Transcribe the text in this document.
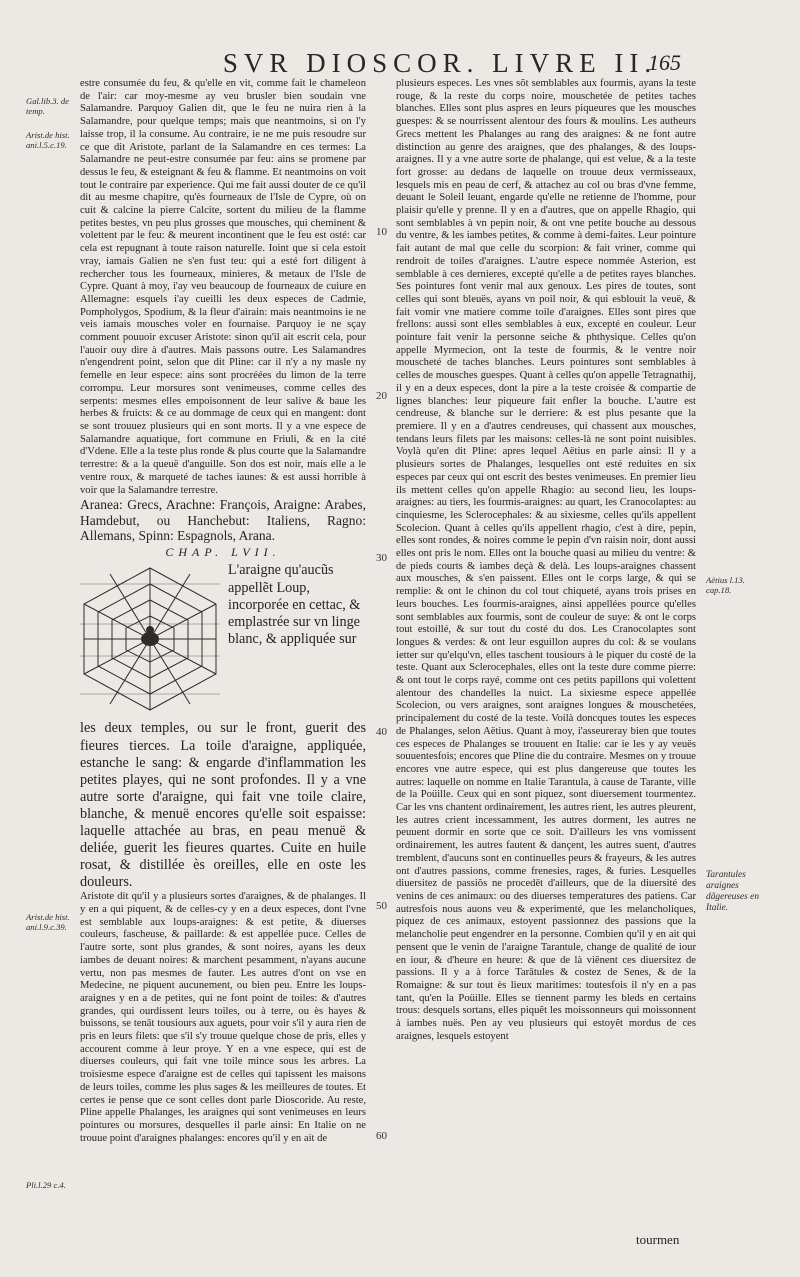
SVR DIOSCOR. LIVRE II.
165
Gal.lib.3. de temp.
Arist.de hist. ani.l.5.c.19.
Arist.de hist. ani.l.9.c.39.
Pli.l.29 c.4.
Aëtius l.13. cap.18.
Tarantules araignes dãgereuses en Italie.
10
20
30
40
50
60

estre consumée du feu, & qu'elle en vit, comme fait le chameleon de l'air: car moy-mesme ay veu brusler bien soudain vne Salamandre. Parquoy Galien dit, que le feu ne nuira rien à la Salamandre, pour quelque temps; mais que neantmoins, si on l'y laisse trop, il la consume. Au contraire, ie ne me puis resoudre sur ce que dit Aristote, parlant de la Salamandre en ces termes: La Salamandre ne peut-estre consumée par feu: ains se promene par dessus le feu, & esteignant & feu & flamme. Et neantmoins on voit tout le contraire par experience. Qui me fait aussi douter de ce qu'il dit au mesme chapitre, qu'ès fourneaux de l'Isle de Cypre, où on cuit & calcine la pierre Calcite, sortent du milieu de la flamme petites bestes, vn peu plus grosses que mousches, qui cheminent & volettent par le feu: & meurent incontinent que le feu est osté: car cela est repugnant à toute raison naturelle. Ioint que si cela estoit vray, iamais Galien ne s'en fust teu: qui a esté fort diligent à rechercher tous les fourneaux, minieres, & metaux de l'Isle de Cypre. Quant à moy, i'ay veu beaucoup de fourneaux de cuiure en Allemagne: esquels i'ay cueilli les deux especes de Cadmie, Pompholygos, Spodium, & la fleur d'airain: mais neantmoins ie ne veis iamais mousches voler en fournaise. Parquoy ie ne sçay comment pouuoir excuser Aristote: sinon qu'il ait escrit cela, pour l'auoir ouy dire à d'autres. Mais passons outre. Les Salamandres n'engendrent point, selon que dit Pline: car il n'y a ny masle ny femelle en leur espece: ains sont procréées du limon de la terre corrompu. Leur morsures sont venimeuses, comme celles des serpents: mesmes elles empoisonnent de leur salive & baue les herbes & fruicts: & ce au dommage de ceux qui en mangent: dont se sont trouuez plusieurs qui en sont morts. Il y a vne espece de Salamandre aquatique, fort commune en Friuli, & en la cité d'Vdene. Elle a la teste plus ronde & plus courte que la Salamandre terrestre: & a la queuë d'anguille. Son dos est noir, mais elle a le ventre roux, & marqueté de taches iaunes: & est aussi horrible à voir que la Salamandre terrestre.

Aranea: Grecs, Arachne: François, Araigne: Arabes, Hamdebut, ou Hanchebut: Italiens, Ragno: Allemans, Spinn: Espagnols, Arana.

CHAP. LVII.
L'araigne qu'aucũs appellẽt Loup, incorporée en cettac, & emplastrée sur vn linge blanc, & appliquée sur

les deux temples, ou sur le front, guerit des fieures tierces. La toile d'araigne, appliquée, estanche le sang: & engarde d'inflammation les petites playes, qui ne sont profondes. Il y a vne autre sorte d'araigne, qui fait vne toile claire, blanche, & menuë encores qu'elle soit espaisse: laquelle attachée au bras, en peau menuë & deliée, guerit les fieures quartes. Cuite en huile rosat, & distillée ès oreilles, elle en oste les douleurs.

Aristote dit qu'il y a plusieurs sortes d'araignes, & de phalanges. Il y en a qui piquent, & de celles-cy y en a deux especes, dont l'vne est semblable aux loups-araignes: & est petite, & diuerses couleurs, fascheuse, & paillarde: & est appellée puce. Celles de l'autre sorte, sont plus grandes, & sont noires, ayans les deux iambes de deuant noires: & marchent pesamment, n'ayans aucune vertu, non pas mesmes de fauter. Les autres d'ont on vse en Medecine, ne piquent aucunement, ou bien peu. Entre les loups-araignes y en a de petites, qui ne font point de toiles: & d'autres grandes, qui ourdissent leurs toiles, ou à terre, ou ès hayes & buissons, se tenāt tousiours aux aguets, pour voir s'il y aura rien de pris en leurs filets: que s'il s'y trouue quelque chose de pris, elles y accourent comme à leur proye. Y en a vne espece, qui est de diuerses couleurs, qui fait vne toile mince sous les arbres. La troisiesme espece d'araigne est de celles qui tapissent les maisons de leurs toiles, comme les plus sages & les meilleures de toutes. Et certes ie pense que ce sont celles dont parle Dioscoride. Au reste, Pline appelle Phalanges, les araignes qui sont venimeuses en leurs pointures ou morsures, desquelles il parle ainsi: En Italie on ne trouue point d'araignes phalanges: encores qu'il y en ait de

plusieurs especes. Les vnes sõt semblables aux fourmis, ayans la teste rouge, & la reste du corps noire, mouschetée de petites taches blanches. Elles sont plus aspres en leurs piqueures que les mousches guespes: & se nourrissent alentour des fours & moulins. Les autheurs Grecs mettent les Phalanges au rang des araignes: & ne font autre distinction au genre des araignes, que des phalanges, & des loups-araignes. Il y a vne autre sorte de phalange, qui est velue, & a la teste fort grosse: au dedans de laquelle on trouue deux vermisseaux, lesquels mis en peau de cerf, & attachez au col ou bras d'vne femme, deuant le Soleil leuant, engarde qu'elle ne retienne de l'homme, pour plaisir qu'elle y prenne. Il y en a d'autres, que on appelle Rhagio, qui sont semblables à vn pepin noir, & ont vne petite bouche au dessous du ventre, & les iambes petites, & comme à demi-faites. Leur pointure fait autant de mal que celle du scorpion: & fait vriner, comme qui rendroit de toiles d'araignes. L'autre espece nommée Asterion, est semblable à ces dernieres, excepté qu'elle a de petites rayes blanches. Ses pointures font venir mal aux genoux. Les pires de toutes, sont celles qui sont bleuës, ayans vn poil noir, & qui esblouit la veuë, & fait vomir vne matiere comme toile d'araignes. Elles sont pires que frellons: aussi sont elles semblables à eux, excepté en couleur. Leur pointure fait venir la personne seiche & phthysique. Celles qu'on appelle Myrmecion, ont la teste de fourmis, & le ventre noir mouscheté de taches blanches. Leurs pointures sont semblables à celles de mousches guespes. Quant à celles qu'on appelle Tetragnathij, il y en a deux especes, dont la pire a la teste croisée & compartie de lignes blanches: leur piqueure fait enfler la bouche. L'autre est cendreuse, & blanche sur le derriere: & est plus pesante que la premiere. Il y en a d'autres cendreuses, qui chassent aux mousches, tendans leurs filets par les maisons: celles-là ne sont point nuisibles. Voylà qu'en dit Pline: apres lequel Aëtius en parle ainsi: Il y a plusieurs sortes de Phalanges, lesquelles ont esté reduites en six especes par ceux qui ont escrit des bestes venimeuses. En premier lieu ils mettent celles qu'on appelle Rhagio: au second lieu, les loups-araignes: au tiers, les fourmis-araignes: au quart, les Cranocolaptes: au cinquiesme, les Sclerocephales: & au sixiesme, celles qu'ils appellent Scolecion. Quant à celles qu'ils appellent rhagio, c'est à dire, pepin, elles sont rondes, & noires comme le pepin d'vn raisin noir, dont aussi elles ont pris le nom. Elles ont la bouche quasi au milieu du ventre: & de pieds courts & iambes deçà & delà. Les loups-araignes chassent aux mousches, & s'en paissent. Elles ont le corps large, & qui se remplie: & ont le chinon du col tout chiqueté, ayans trois prises en leurs bouches. Les fourmis-araignes, ainsi appellées pource qu'elles sont semblables aux fourmis, sont de couleur de suye: & ont le corps tout estoillé, & sur tout du costé du dos. Les Cranocolaptes sont longues & verdes: & ont leur esguillon aupres du col: & se voulans ietter sur qu'elqu'vn, elles taschent tousiours à le piquer du costé de la teste. Quant aux Sclerocephales, elles ont la teste dure comme pierre: & ont tout le corps rayé, comme ont ces petits papillons qui volettent alentour des chandelles la nuict. La sixiesme espece appellée Scolecion, ou vers araignes, sont araignes longues & mouschetées, principalement du costé de la teste. Voilà doncques toutes les especes de Phalanges, selon Aëtius. Quant à moy, i'asseureray bien que toutes ces especes de Phalanges se trouuent en Italie: car ie les y ay veuës souuentesfois; encores que Pline die du contraire. Mesmes on y trouue encores vne autre espece, qui est plus dangereuse que toutes les autres: laquelle on nomme en Italie Tarantula, à cause de Tarante, ville de la Poüille. Ceux qui en sont piquez, sont diuersement tourmentez. Car les vns chantent ordinairement, les autres rient, les autres pleurent, les autres crient incessamment, les autres dorment, les autres ne peuuent dormir en sorte que ce soit. D'ailleurs les vns vomissent ordinairement, les autres fautent & dançent, les autres suent, d'autres tremblent, d'aucuns sont en continuelles peurs & frayeurs, & les autres ont d'autres passions, comme frenesies, rages, & furies. Lesquelles diuersitez de passiõs ne procedēt d'ailleurs, que de la diuersité des venins de ces animaux: ou des diuerses temperatures des patiens. Car autresfois nous auons veu & experimenté, que les melancholiques, piquez de ces animaux, estoyent passionnez des passions que la melancholie peut engendrer en la personne. Combien qu'il y en ait qui pensent que le venin de l'araigne Tarantule, change de qualité de iour en iour, & d'heure en heure: & que de là viēnent ces diuersitez de passions. Il y a à force Tarātules & costez de Senes, & de la Romaigne: & sur tout ès lieux maritimes: toutesfois il n'y en a pas tant, qu'en la Poüille. Elles se tiennent parmy les bleds en certains trous: desquels sortans, elles piquẽt les moissonneurs qui moissonnent à iambes nuës. Pen ay veu plusieurs qui estoyẽt mordus de ces araignes, lesquels estoyent

tourmen
